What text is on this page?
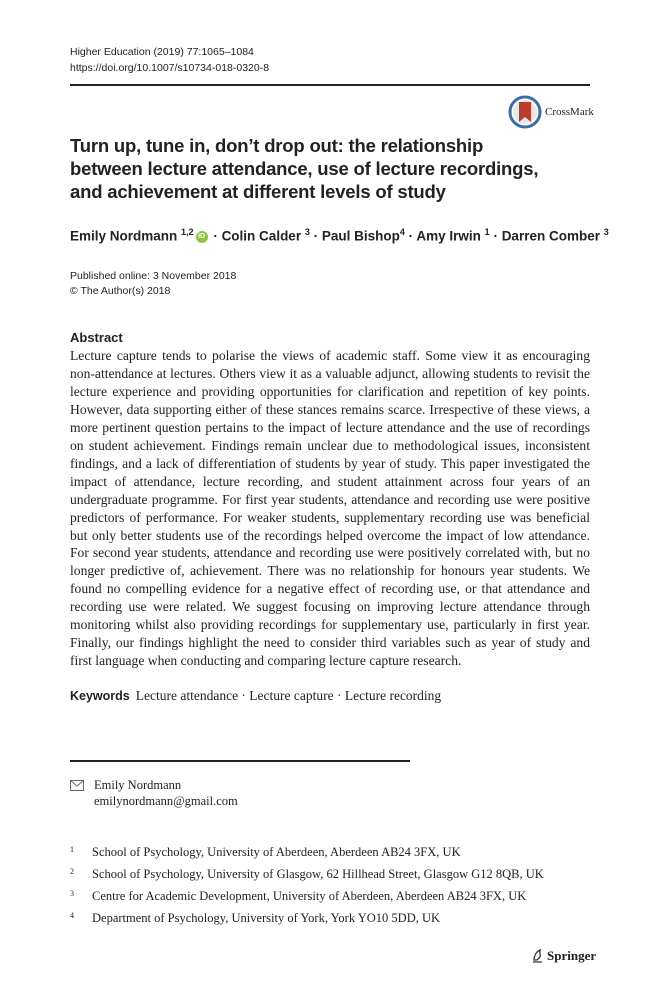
Higher Education (2019) 77:1065–1084
https://doi.org/10.1007/s10734-018-0320-8
CrossMark
Turn up, tune in, don’t drop out: the relationship
between lecture attendance, use of lecture recordings,
and achievement at different levels of study
Emily Nordmann $^{1,2}$ iD · Colin Calder $^3$ · Paul Bishop$^4$ · Amy Irwin $^1$ · Darren Comber $^3$
Published online: 3 November 2018
© The Author(s) 2018
Abstract
Lecture capture tends to polarise the views of academic staff. Some view it as encouraging
non-attendance at lectures. Others view it as a valuable adjunct, allowing students to revisit the
lecture experience and providing opportunities for clarification and repetition of key points.
However, data supporting either of these stances remains scarce. Irrespective of these views, a
more pertinent question pertains to the impact of lecture attendance and the use of recordings
on student achievement. Findings remain unclear due to methodological issues, inconsistent
findings, and a lack of differentiation of students by year of study. This paper investigated the
impact of attendance, lecture recording, and student attainment across four years of an
undergraduate programme. For first year students, attendance and recording use were positive
predictors of performance. For weaker students, supplementary recording use was beneficial
but only better students use of the recordings helped overcome the impact of low attendance.
For second year students, attendance and recording use were positively correlated with, but no
longer predictive of, achievement. There was no relationship for honours year students. We
found no compelling evidence for a negative effect of recording use, or that attendance and
recording use were related. We suggest focusing on improving lecture attendance through
monitoring whilst also providing recordings for supplementary use, particularly in first year.
Finally, our findings highlight the need to consider third variables such as year of study and
first language when conducting and comparing lecture capture research.
Keywords Lecture attendance · Lecture capture · Lecture recording
Emily Nordmann
emilynordmann@gmail.com
$^1$ School of Psychology, University of Aberdeen, Aberdeen AB24 3FX, UK
$^2$ School of Psychology, University of Glasgow, 62 Hillhead Street, Glasgow G12 8QB, UK
$^3$ Centre for Academic Development, University of Aberdeen, Aberdeen AB24 3FX, UK
$^4$ Department of Psychology, University of York, York YO10 5DD, UK
Springer
